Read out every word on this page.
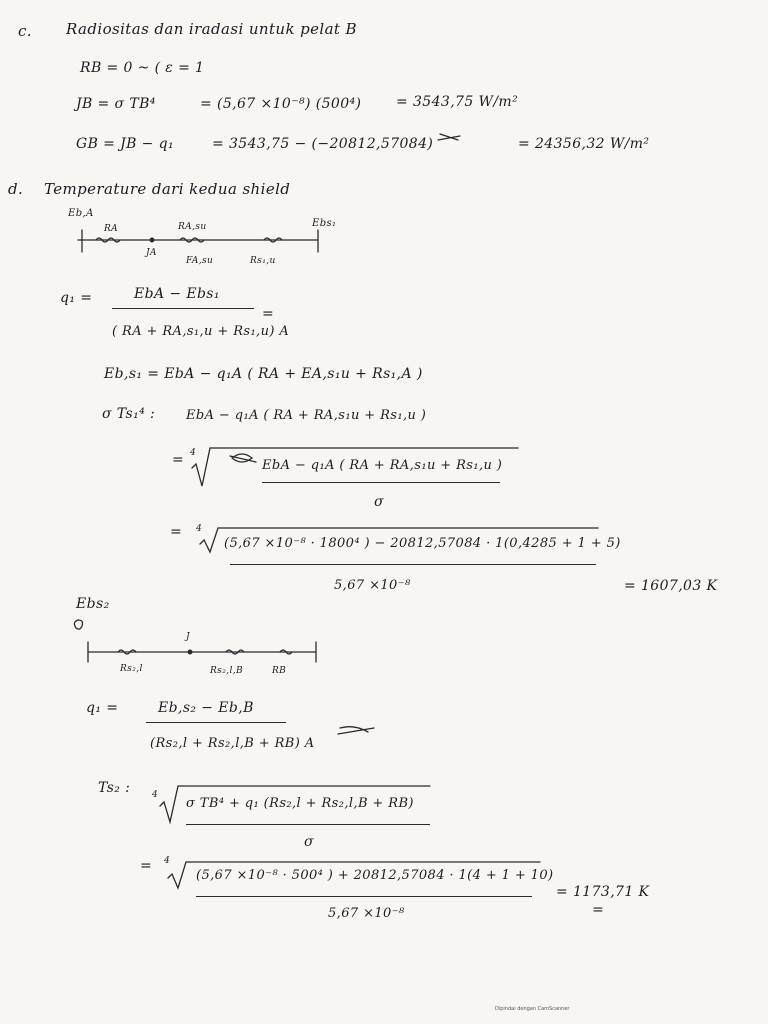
c. Radiositas dan iradasi untuk pelat B
RB = 0 ~ ( ε = 1
JB = σ TB⁴	= (5,67 ×10⁻⁸) (500⁴) = 3543,75 W/m²
GB = JB − q₁	= 3543,75 − (−20812,57084)	= 24356,32 W/m²
d. Temperature dari kedua shield
Eb,A
Ebs₁
RA	RA,su
JA
FA,su	Rs₁,u
q₁ =	EbA − Ebs₁
( RA + RA,s₁,u + Rs₁,u) A
=
Eb,s₁ = EbA − q₁A ( RA + EA,s₁u + Rs₁,A )
σ Ts₁⁴ : EbA − q₁A ( RA + RA,s₁u + Rs₁,u )
= 4
EbA − q₁A ( RA + RA,s₁u + Rs₁,u )
σ
= 4
(5,67 ×10⁻⁸ · 1800⁴ ) − 20812,57084 · 1(0,4285 + 1 + 5)
5,67 ×10⁻⁸	= 1607,03 K
Ebs₂
J
Rs₂,l	Rs₂,l,B	RB
q₁ =	Eb,s₂ − Eb,B
(Rs₂,l + Rs₂,l,B + RB) A
Ts₂ : 4
σ TB⁴ + q₁ (Rs₂,l + Rs₂,l,B + RB)
σ
= 4
(5,67 ×10⁻⁸ · 500⁴ ) + 20812,57084 · 1(4 + 1 + 10)
5,67 ×10⁻⁸
= 1173,71 K
=
Dipindai dengan CamScanner
